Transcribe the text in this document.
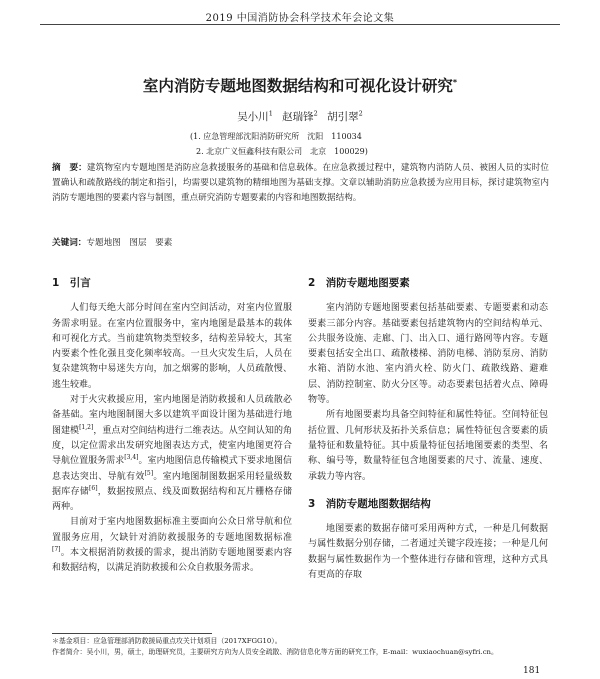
2019 中国消防协会科学技术年会论文集
室内消防专题地图数据结构和可视化设计研究*
吴小川$^1$ 赵瑞锋$^2$ 胡引翠$^2$
(1. 应急管理部沈阳消防研究所　沈阳　110034
2. 北京广义恒鑫科技有限公司　北京　100029)
摘　要：建筑物室内专题地图是消防应急救援服务的基础和信息载体。在应急救援过程中，建筑物内消防人员、被困人员的实时位置确认和疏散路线的制定和指引，均需要以建筑物的精细地图为基础支撑。文章以辅助消防应急救援为应用目标，探讨建筑物室内消防专题地图的要素内容与制图，重点研究消防专题要素的内容和地图数据结构。
关键词：专题地图　图层　要素
1　引言

人们每天绝大部分时间在室内空间活动，对室内位置服务需求明显。在室内位置服务中，室内地图是最基本的载体和可视化方式。当前建筑物类型较多，结构差异较大，其室内要素个性化强且变化频率较高。一旦火灾发生后，人员在复杂建筑物中易迷失方向，加之烟雾的影响，人员疏散慢、逃生较难。

对于火灾救援应用，室内地图是消防救援和人员疏散必备基础。室内地图制图大多以建筑平面设计图为基础进行地图建模[1,2]，重点对空间结构进行二维表达。从空间认知的角度，以定位需求出发研究地图表达方式，使室内地图更符合导航位置服务需求[3,4]。室内地图信息传输模式下要求地图信息表达突出、导航有效[5]。室内地图制图数据采用轻量级数据库存储[6]，数据按照点、线及面数据结构和瓦片栅格存储两种。

目前对于室内地图数据标准主要面向公众日常导航和位置服务应用，欠缺针对消防救援服务的专题地图数据标准[7]。本文根据消防救援的需求，提出消防专题地图要素内容和数据结构，以满足消防救援和公众自救服务需求。

2　消防专题地图要素

室内消防专题地图要素包括基础要素、专题要素和动态要素三部分内容。基础要素包括建筑物内的空间结构单元、公共服务设施、走廊、门、出入口、通行路网等内容。专题要素包括安全出口、疏散楼梯、消防电梯、消防泵房、消防水箱、消防水池、室内消火栓、防火门、疏散线路、避难层、消防控制室、防火分区等。动态要素包括着火点、障碍物等。

所有地图要素均具备空间特征和属性特征。空间特征包括位置、几何形状及拓扑关系信息；属性特征包含要素的质量特征和数量特征。其中质量特征包括地图要素的类型、名称、编号等，数量特征包含地图要素的尺寸、流量、速度、承载力等内容。

3　消防专题地图数据结构

地图要素的数据存储可采用两种方式，一种是几何数据与属性数据分别存储，二者通过关键字段连接；一种是几何数据与属性数据作为一个整体进行存储和管理，这种方式具有更高的存取

＊基金项目：应急管理部消防救援局重点攻关计划项目（2017XFGG10）。
作者简介：吴小川，男，硕士，助理研究员，主要研究方向为人员安全疏散、消防信息化等方面的研究工作，E-mail：wuxiaochuan@syfri.cn。
181
